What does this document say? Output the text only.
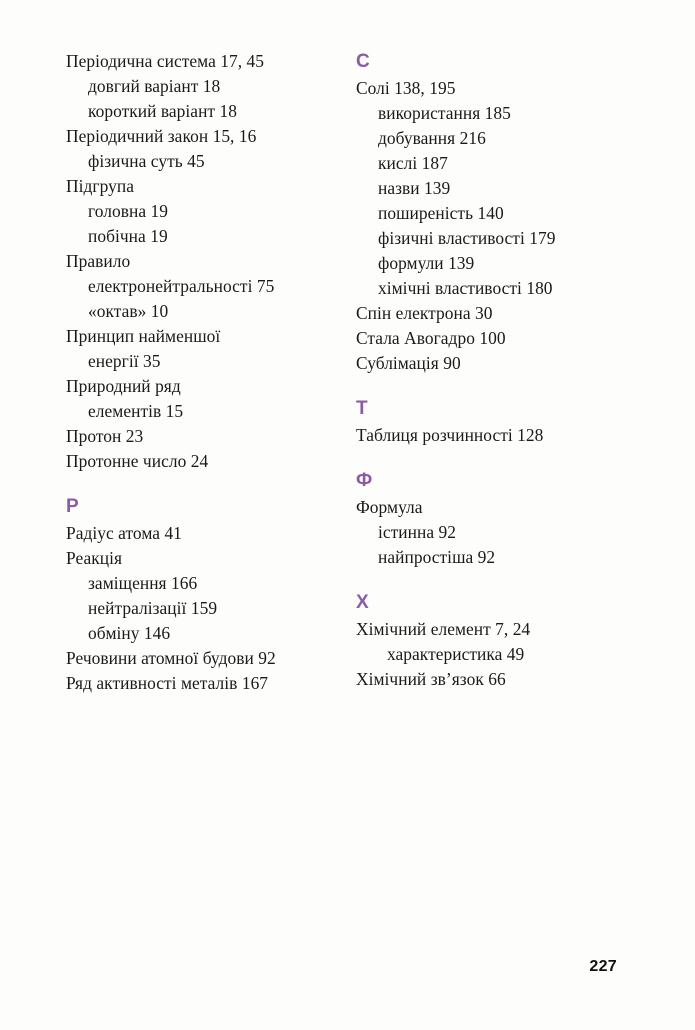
Періодична система 17, 45
довгий варіант 18
короткий варіант 18
Періодичний закон 15, 16
фізична суть 45
Підгрупа
головна 19
побічна 19
Правило
електронейтральності 75
«октав» 10
Принцип найменшої
енергії 35
Природний ряд
елементів 15
Протон 23
Протонне число 24
Р
Радіус атома 41
Реакція
заміщення 166
нейтралізації 159
обміну 146
Речовини атомної будови 92
Ряд активності металів 167
С
Солі 138, 195
використання 185
добування 216
кислі 187
назви 139
поширеність 140
фізичні властивості 179
формули 139
хімічні властивості 180
Спін електрона 30
Стала Авогадро 100
Сублімація 90
Т
Таблиця розчинності 128
Ф
Формула
істинна 92
найпростіша 92
Х
Хімічний елемент 7, 24
характеристика 49
Хімічний зв’язок 66
227
